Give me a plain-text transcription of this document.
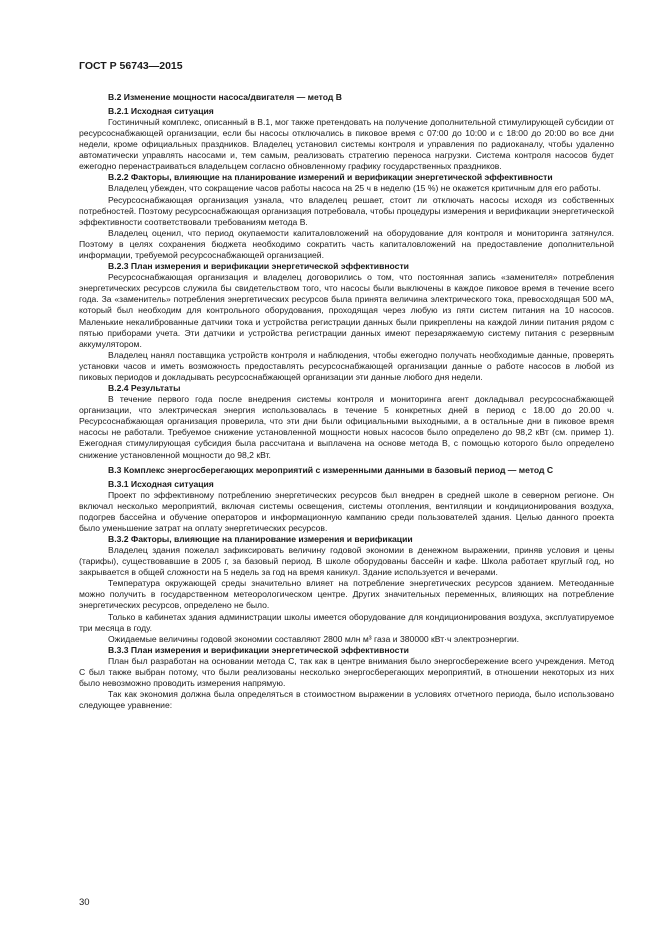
ГОСТ Р 56743—2015
В.2 Изменение мощности насоса/двигателя — метод В
В.2.1 Исходная ситуация

Гостиничный комплекс, описанный в В.1, мог также претендовать на получение дополнительной стимулирующей субсидии от ресурсоснабжающей организации, если бы насосы отключались в пиковое время с 07:00 до 10:00 и с 18:00 до 20:00 во все дни недели, кроме официальных праздников. Владелец установил системы контроля и управления по радиоканалу, чтобы удаленно автоматически управлять насосами и, тем самым, реализовать стратегию переноса нагрузки. Система контроля насосов будет ежегодно перенастраиваться владельцем согласно обновленному графику государственных праздников.

В.2.2 Факторы, влияющие на планирование измерений и верификации энергетической эффективности

Владелец убежден, что сокращение часов работы насоса на 25 ч в неделю (15 %) не окажется критичным для его работы.

Ресурсоснабжающая организация узнала, что владелец решает, стоит ли отключать насосы исходя из собственных потребностей. Поэтому ресурсоснабжающая организация потребовала, чтобы процедуры измерения и верификации энергетической эффективности соответствовали требованиям метода В.

Владелец оценил, что период окупаемости капиталовложений на оборудование для контроля и мониторинга затянулся. Поэтому в целях сохранения бюджета необходимо сократить часть капиталовложений на предоставление дополнительной информации, требуемой ресурсоснабжающей организацией.

В.2.3 План измерения и верификации энергетической эффективности

Ресурсоснабжающая организация и владелец договорились о том, что постоянная запись «заменителя» потребления энергетических ресурсов служила бы свидетельством того, что насосы были выключены в каждое пиковое время в течение всего года. За «заменитель» потребления энергетических ресурсов была принята величина электрического тока, превосходящая 500 мА, который был необходим для контрольного оборудования, проходящая через любую из пяти систем питания на 10 насосов. Маленькие некалиброванные датчики тока и устройства регистрации данных были прикреплены на каждой линии питания рядом с пятью приборами учета. Эти датчики и устройства регистрации данных имеют перезаряжаемую систему питания с резервным аккумулятором.

Владелец нанял поставщика устройств контроля и наблюдения, чтобы ежегодно получать необходимые данные, проверять установки часов и иметь возможность предоставлять ресурсоснабжающей организации данные о работе насосов в любой из пиковых периодов и докладывать ресурсоснабжающей организации эти данные любого дня недели.

В.2.4 Результаты

В течение первого года после внедрения системы контроля и мониторинга агент докладывал ресурсоснабжающей организации, что электрическая энергия использовалась в течение 5 конкретных дней в период с 18.00 до 20.00 ч. Ресурсоснабжающая организация проверила, что эти дни были официальными выходными, а в остальные дни в пиковое время насосы не работали. Требуемое снижение установленной мощности новых насосов было определено до 98,2 кВт (см. пример 1). Ежегодная стимулирующая субсидия была рассчитана и выплачена на основе метода В, с помощью которого было определено снижение установленной мощности до 98,2 кВт.

В.3 Комплекс энергосберегающих мероприятий с измеренными данными в базовый период — метод С
В.3.1 Исходная ситуация

Проект по эффективному потреблению энергетических ресурсов был внедрен в средней школе в северном регионе. Он включал несколько мероприятий, включая системы освещения, системы отопления, вентиляции и кондиционирования воздуха, подогрев бассейна и обучение операторов и информационную кампанию среди пользователей здания. Целью данного проекта было уменьшение затрат на оплату энергетических ресурсов.

В.3.2 Факторы, влияющие на планирование измерения и верификации

Владелец здания пожелал зафиксировать величину годовой экономии в денежном выражении, приняв условия и цены (тарифы), существовавшие в 2005 г, за базовый период. В школе оборудованы бассейн и кафе. Школа работает круглый год, но закрывается в общей сложности на 5 недель за год на время каникул. Здание используется и вечерами.

Температура окружающей среды значительно влияет на потребление энергетических ресурсов зданием. Метеоданные можно получить в государственном метеорологическом центре. Других значительных переменных, влияющих на потребление энергетических ресурсов, определено не было.

Только в кабинетах здания администрации школы имеется оборудование для кондиционирования воздуха, эксплуатируемое три месяца в году.

Ожидаемые величины годовой экономии составляют 2800 млн м³ газа и 380000 кВт·ч электроэнергии.

В.3.3 План измерения и верификации энергетической эффективности

План был разработан на основании метода С, так как в центре внимания было энергосбережение всего учреждения. Метод С был также выбран потому, что были реализованы несколько энергосберегающих мероприятий, в отношении некоторых из них было невозможно проводить измерения напрямую.

Так как экономия должна была определяться в стоимостном выражении в условиях отчетного периода, было использовано следующее уравнение:

30
